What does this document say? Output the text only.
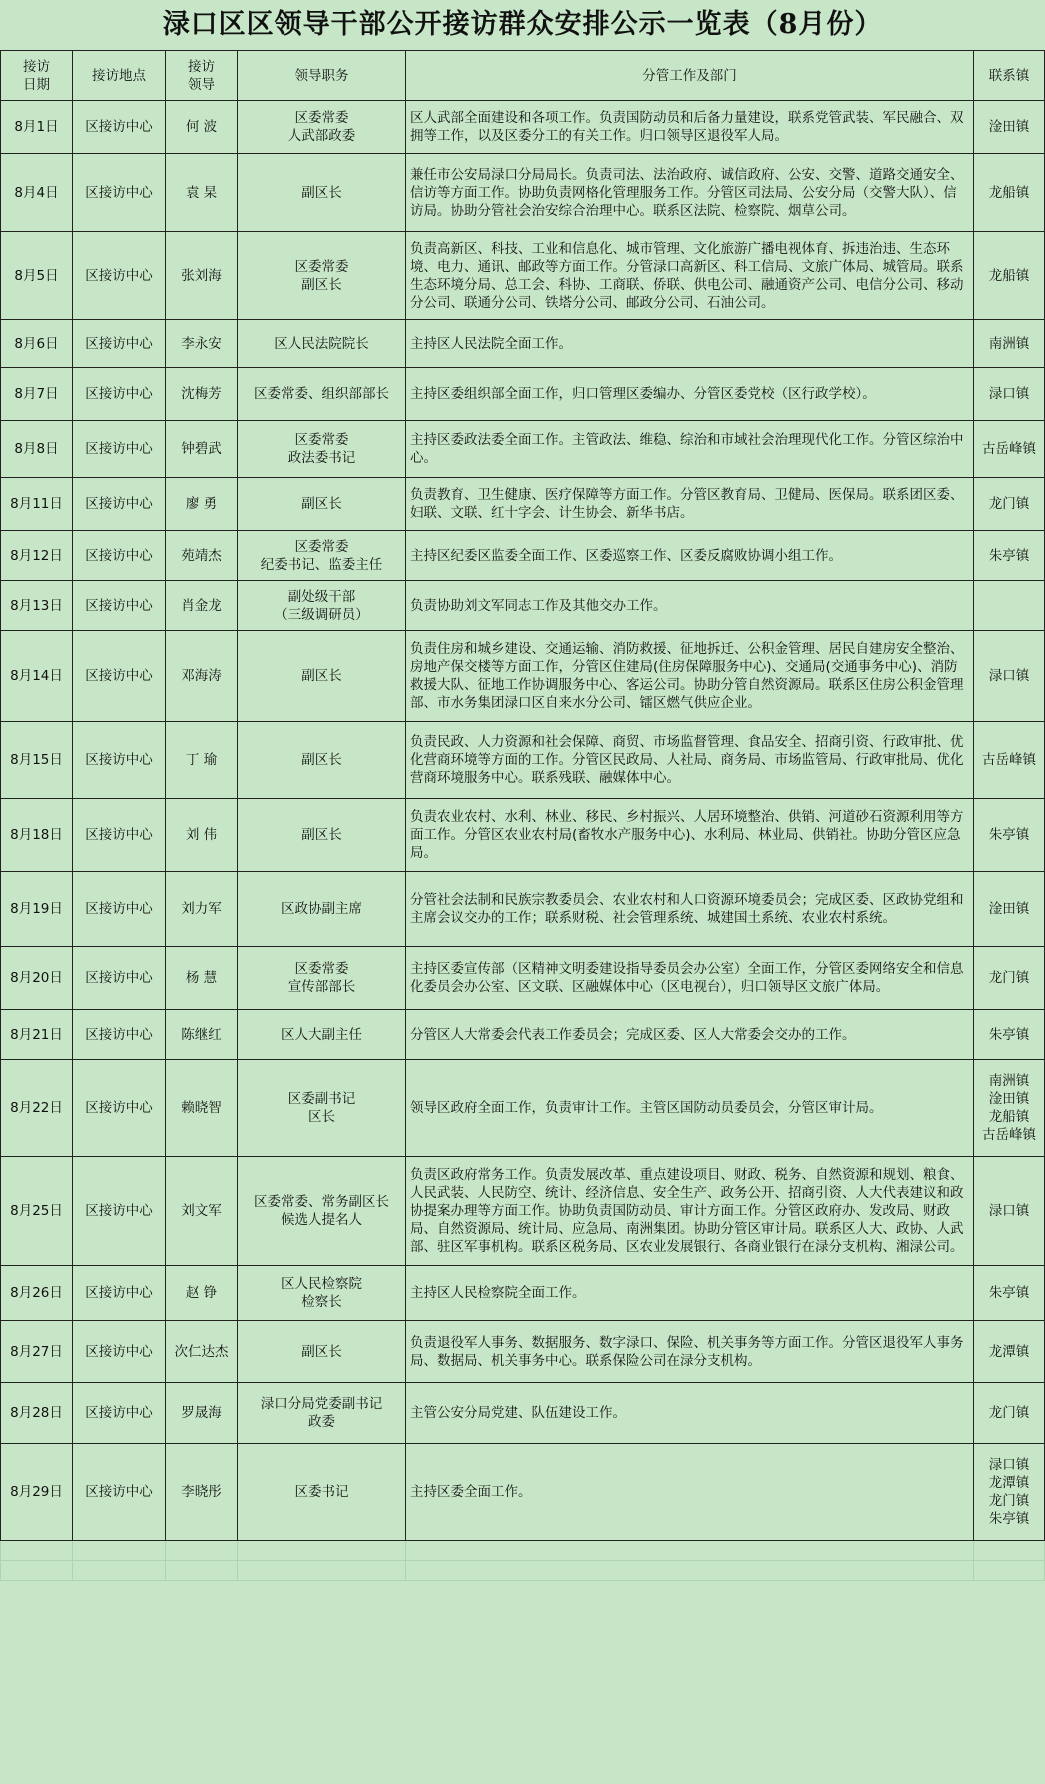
渌口区区领导干部公开接访群众安排公示一览表（8月份）
接访
日期	接访地点	接访
领导	领导职务	分管工作及部门	联系镇
8月1日	区接访中心	何 波	区委常委
人武部政委	区人武部全面建设和各项工作。负责国防动员和后备力量建设，联系党管武装、军民融合、双拥等工作，以及区委分工的有关工作。归口领导区退役军人局。	淦田镇
8月4日	区接访中心	袁 杲	副区长	兼任市公安局渌口分局局长。负责司法、法治政府、诚信政府、公安、交警、道路交通安全、信访等方面工作。协助负责网格化管理服务工作。分管区司法局、公安分局（交警大队）、信访局。协助分管社会治安综合治理中心。联系区法院、检察院、烟草公司。	龙船镇
8月5日	区接访中心	张刘海	区委常委
副区长	负责高新区、科技、工业和信息化、城市管理、文化旅游广播电视体育、拆违治违、生态环境、电力、通讯、邮政等方面工作。分管渌口高新区、科工信局、文旅广体局、城管局。联系生态环境分局、总工会、科协、工商联、侨联、供电公司、融通资产公司、电信分公司、移动分公司、联通分公司、铁塔分公司、邮政分公司、石油公司。	龙船镇
8月6日	区接访中心	李永安	区人民法院院长	主持区人民法院全面工作。	南洲镇
8月7日	区接访中心	沈梅芳	区委常委、组织部部长	主持区委组织部全面工作，归口管理区委编办、分管区委党校（区行政学校）。	渌口镇
8月8日	区接访中心	钟碧武	区委常委
政法委书记	主持区委政法委全面工作。主管政法、维稳、综治和市域社会治理现代化工作。分管区综治中心。	古岳峰镇
8月11日	区接访中心	廖 勇	副区长	负责教育、卫生健康、医疗保障等方面工作。分管区教育局、卫健局、医保局。联系团区委、妇联、文联、红十字会、计生协会、新华书店。	龙门镇
8月12日	区接访中心	苑靖杰	区委常委
纪委书记、监委主任	主持区纪委区监委全面工作、区委巡察工作、区委反腐败协调小组工作。	朱亭镇
8月13日	区接访中心	肖金龙	副处级干部
（三级调研员）	负责协助刘文军同志工作及其他交办工作。	
8月14日	区接访中心	邓海涛	副区长	负责住房和城乡建设、交通运输、消防救援、征地拆迁、公积金管理、居民自建房安全整治、房地产保交楼等方面工作，分管区住建局(住房保障服务中心)、交通局(交通事务中心)、消防救援大队、征地工作协调服务中心、客运公司。协助分管自然资源局。联系区住房公积金管理部、市水务集团渌口区自来水分公司、镭区燃气供应企业。	渌口镇
8月15日	区接访中心	丁 瑜	副区长	负责民政、人力资源和社会保障、商贸、市场监督管理、食品安全、招商引资、行政审批、优化营商环境等方面的工作。分管区民政局、人社局、商务局、市场监管局、行政审批局、优化营商环境服务中心。联系残联、融媒体中心。	古岳峰镇
8月18日	区接访中心	刘 伟	副区长	负责农业农村、水利、林业、移民、乡村振兴、人居环境整治、供销、河道砂石资源利用等方面工作。分管区农业农村局(畜牧水产服务中心)、水利局、林业局、供销社。协助分管区应急局。	朱亭镇
8月19日	区接访中心	刘力军	区政协副主席	分管社会法制和民族宗教委员会、农业农村和人口资源环境委员会；完成区委、区政协党组和主席会议交办的工作；联系财税、社会管理系统、城建国土系统、农业农村系统。	淦田镇
8月20日	区接访中心	杨 慧	区委常委
宣传部部长	主持区委宣传部（区精神文明委建设指导委员会办公室）全面工作，分管区委网络安全和信息化委员会办公室、区文联、区融媒体中心（区电视台），归口领导区文旅广体局。	龙门镇
8月21日	区接访中心	陈继红	区人大副主任	分管区人大常委会代表工作委员会；完成区委、区人大常委会交办的工作。	朱亭镇
8月22日	区接访中心	赖晓智	区委副书记
区长	领导区政府全面工作，负责审计工作。主管区国防动员委员会，分管区审计局。	南洲镇
淦田镇
龙船镇
古岳峰镇
8月25日	区接访中心	刘文军	区委常委、常务副区长
候选人提名人	负责区政府常务工作。负责发展改革、重点建设项目、财政、税务、自然资源和规划、粮食、人民武装、人民防空、统计、经济信息、安全生产、政务公开、招商引资、人大代表建议和政协提案办理等方面工作。协助负责国防动员、审计方面工作。分管区政府办、发改局、财政局、自然资源局、统计局、应急局、南洲集团。协助分管区审计局。联系区人大、政协、人武部、驻区军事机构。联系区税务局、区农业发展银行、各商业银行在渌分支机构、湘渌公司。	渌口镇
8月26日	区接访中心	赵 铮	区人民检察院
检察长	主持区人民检察院全面工作。	朱亭镇
8月27日	区接访中心	次仁达杰	副区长	负责退役军人事务、数据服务、数字渌口、保险、机关事务等方面工作。分管区退役军人事务局、数据局、机关事务中心。联系保险公司在渌分支机构。	龙潭镇
8月28日	区接访中心	罗晟海	渌口分局党委副书记
政委	主管公安分局党建、队伍建设工作。	龙门镇
8月29日	区接访中心	李晓彤	区委书记	主持区委全面工作。	渌口镇
龙潭镇
龙门镇
朱亭镇
